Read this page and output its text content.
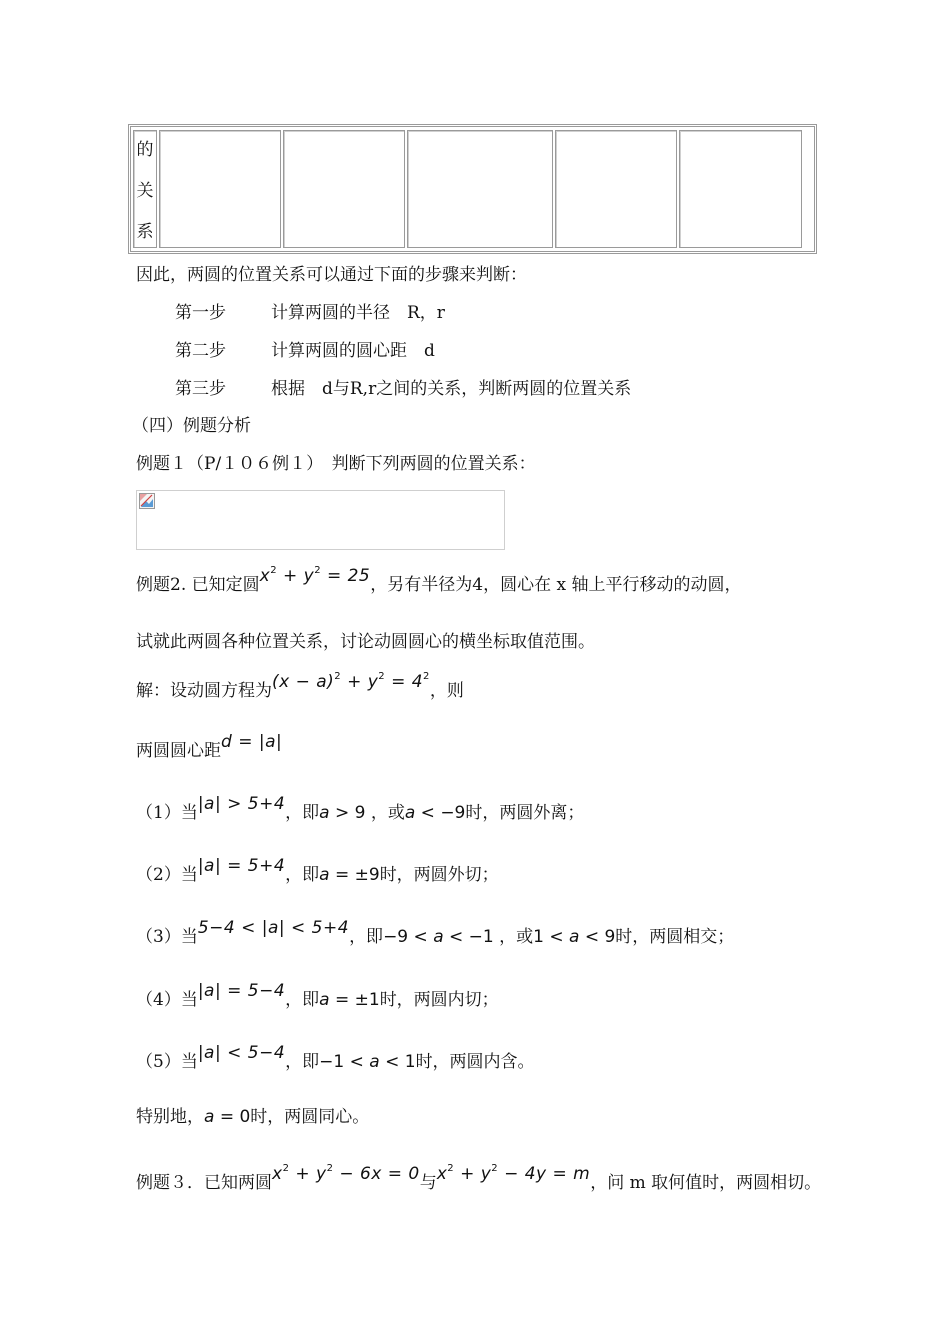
的
关
系
因此，两圆的位置关系可以通过下面的步骤来判断：
第一步	计算两圆的半径　R，r
第二步	计算两圆的圆心距　d
第三步	根据　d与R,r之间的关系，判断两圆的位置关系
（四）例题分析
例题１（P/１０６例１）　判断下列两圆的位置关系：
例题2. 已知定圆$x^2 + y^2 = 25$，另有半径为4，圆心在 x 轴上平行移动的动圆，
试就此两圆各种位置关系，讨论动圆圆心的横坐标取值范围。
解：设动圆方程为$(x - a)^2 + y^2 = 4^2$，则
两圆圆心距d = |a|
（1）当|a| > 5+4，即a > 9 ，或a < −9时，两圆外离；
（2）当|a| = 5+4，即a = ±9时，两圆外切；
（3）当5−4 < |a| < 5+4，即−9 < a < −1 ，或1 < a < 9时，两圆相交；
（4）当|a| = 5−4，即a = ±1时，两圆内切；
（5）当|a| < 5−4，即−1 < a < 1时，两圆内含。
特别地，a = 0时，两圆同心。
例题３．已知两圆$x^2 + y^2 - 6x = 0$与$x^2 + y^2 - 4y = m$，问 m 取何值时，两圆相切。
